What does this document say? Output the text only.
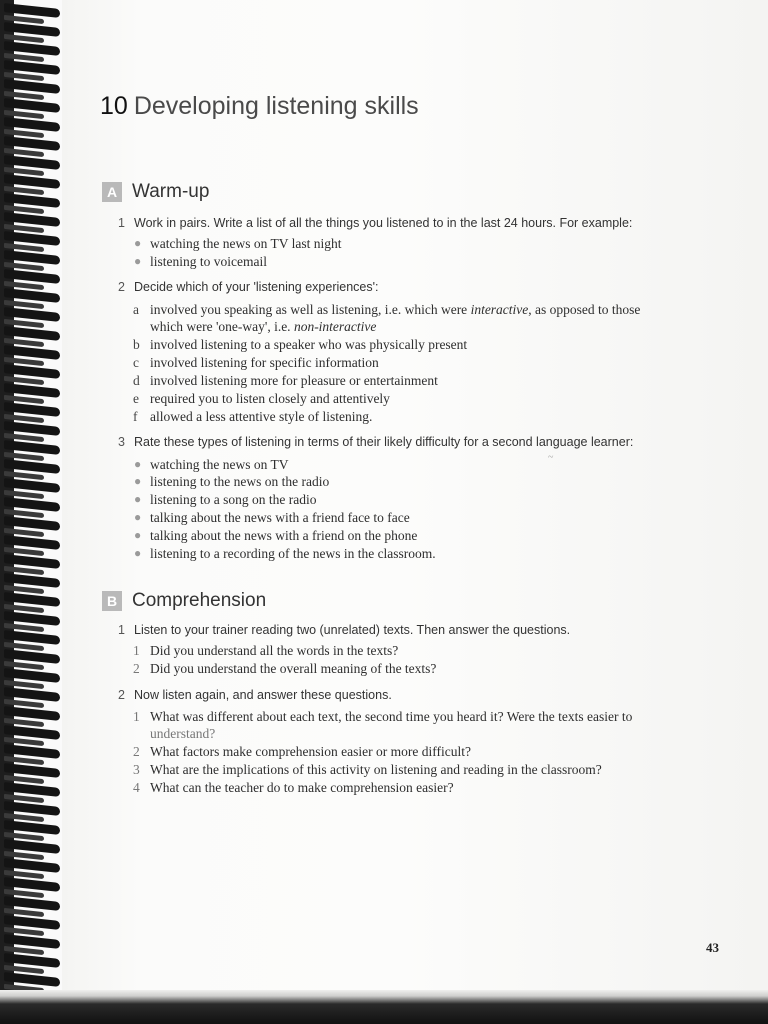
10 Developing listening skills
A Warm-up
1 Work in pairs. Write a list of all the things you listened to in the last 24 hours. For example:
● watching the news on TV last night
● listening to voicemail
2 Decide which of your 'listening experiences':
a involved you speaking as well as listening, i.e. which were interactive, as opposed to those
which were 'one-way', i.e. non-interactive
b involved listening to a speaker who was physically present
c involved listening for specific information
d involved listening more for pleasure or entertainment
e required you to listen closely and attentively
f allowed a less attentive style of listening.
3 Rate these types of listening in terms of their likely difficulty for a second language learner:
~
● watching the news on TV
● listening to the news on the radio
● listening to a song on the radio
● talking about the news with a friend face to face
● talking about the news with a friend on the phone
● listening to a recording of the news in the classroom.
B Comprehension
1 Listen to your trainer reading two (unrelated) texts. Then answer the questions.
1 Did you understand all the words in the texts?
2 Did you understand the overall meaning of the texts?
2 Now listen again, and answer these questions.
1 What was different about each text, the second time you heard it? Were the texts easier to
understand?
2 What factors make comprehension easier or more difficult?
3 What are the implications of this activity on listening and reading in the classroom?
4 What can the teacher do to make comprehension easier?
43
